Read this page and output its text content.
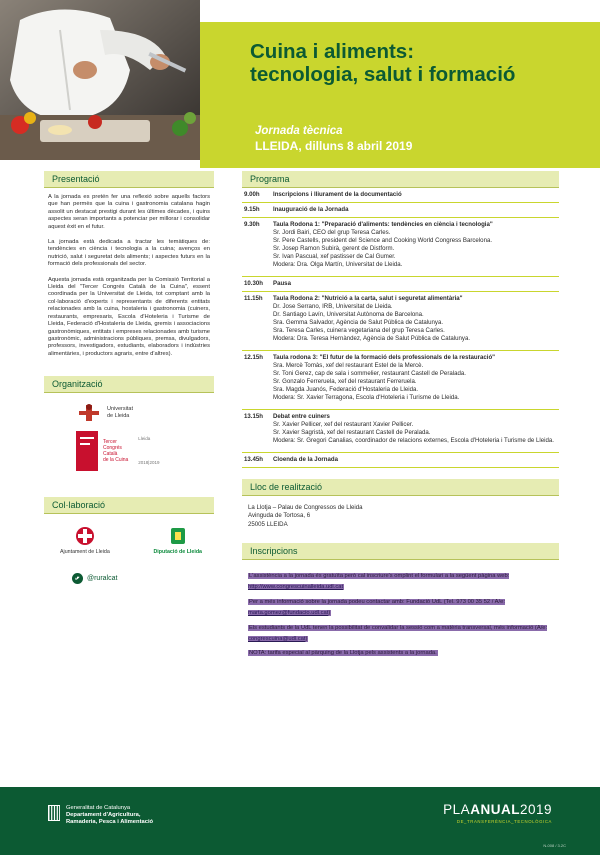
Cuina i aliments:
tecnologia, salut i formació
Jornada tècnica
LLEIDA, dilluns 8 abril 2019
Presentació

A la jornada es pretén fer una reflexió sobre aquells factors que han permès que la cuina i gastronomia catalana hagin assolit un destacat prestigi durant les últimes dècades, i quins aspectes seran importants a potenciar per millorar i consolidar aquest èxit en el futur.

La jornada està dedicada a tractar les temàtiques de: tendències en ciència i tecnologia a la cuina; avenços en nutrició, salut i seguretat dels aliments; i aspectes futurs en la formació dels professionals del sector.

Aquesta jornada està organitzada per la Comissió Territorial a Lleida del "Tercer Congrés Català de la Cuina", essent coordinada per la Universitat de Lleida, tot comptant amb la col·laboració d'experts i representants de diferents entitats relacionades amb la cuina, hostaleria i gastronomia (cuiners, restaurants, empresaris, Escola d'Hoteleria i Turisme de Lleida, Federació d'Hostaleria de Lleida, gremis i associacions gastronòmiques, entitats i empreses relacionades amb turisme gastronòmic, administracions públiques, premsa, divulgadors, professors, investigadors, estudiants, elaboradors i indústries alimentàries, i productors agraris, entre d'altres).

Organització
Universitat
de Lleida
Tercer
Congrés
Català
de la Cuina
Lleida
2018|2019
Col·laboració
Ajuntament de Lleida	Diputació de Lleida
@ruralcat
Programa
9.00h	Inscripcions i lliurament de la documentació
9.15h	Inauguració de la Jornada
9.30h	Taula Rodona 1: "Preparació d'aliments: tendències en ciència i tecnologia"
Sr. Jordi Bairi, CEO del grup Teresa Carles.
Sr. Pere Castells, president del Science and Cooking World Congress Barcelona.
Sr. Josep Ramon Subirà, gerent de Distform.
Sr. Ivan Pascual, xef pastisser de Cal Gumer.
Modera: Dra. Olga Martín, Universitat de Lleida.
10.30h	Pausa
11.15h	Taula Rodona 2: "Nutrició a la carta, salut i seguretat alimentària"
Dr. Jose Serrano, IRB, Universitat de Lleida.
Dr. Santiago Lavín, Universitat Autònoma de Barcelona.
Sra. Gemma Salvador, Agència de Salut Pública de Catalunya.
Sra. Teresa Carles, cuinera vegetariana del grup Teresa Carles.
Modera: Dra. Teresa Hernàndez, Agència de Salut Pública de Catalunya.
12.15h	Taula rodona 3: "El futur de la formació dels professionals de la restauració"
Sra. Mercè Tomàs, xef del restaurant Estel de la Mercè.
Sr. Toni Gerez, cap de sala i sommelier, restaurant Castell de Peralada.
Sr. Gonzalo Ferreruela, xef del restaurant Ferreruela.
Sra. Magda Juanós, Federació d'Hostaleria de Lleida.
Modera: Sr. Xavier Terragona, Escola d'Hoteleria i Turisme de Lleida.
13.15h	Debat entre cuiners
Sr. Xavier Pellicer, xef del restaurant Xavier Pellicer.
Sr. Xavier Sagristà, xef del restaurant Castell de Peralada.
Modera: Sr. Gregori Canalias, coordinador de relacions externes, Escola d'Hoteleria i Turisme de Lleida.
13.45h	Cloenda de la Jornada
Lloc de realització
La Llotja – Palau de Congressos de Lleida
Avinguda de Tortosa, 6
25005 LLEIDA
Inscripcions
L'assistència a la jornada és gratuïta però cal inscriure's omplint el formulari a la següent pàgina web: http://www.congrescuinalleida.udl.cat
Per a més informació sobre la jornada podeu contactar amb: Fundació UdL (Tel. 973 00 35 52 / A/e: marta.gomez@fundacio.udl.cat)
Els estudiants de la UdL tenen la possibilitat de convalidar la sessió com a matèria transversal, més informació (A/e: congrescuina@udl.cat)
NOTA: tarifa especial al pàrquing de la Llotja pels assistents a la jornada.
Generalitat de Catalunya
Departament d'Agricultura,
Ramaderia, Pesca i Alimentació
PLAANUAL2019
DE_TRANSFERÈNCIA_TECNOLÒGICA
N-008 / 3.2C
